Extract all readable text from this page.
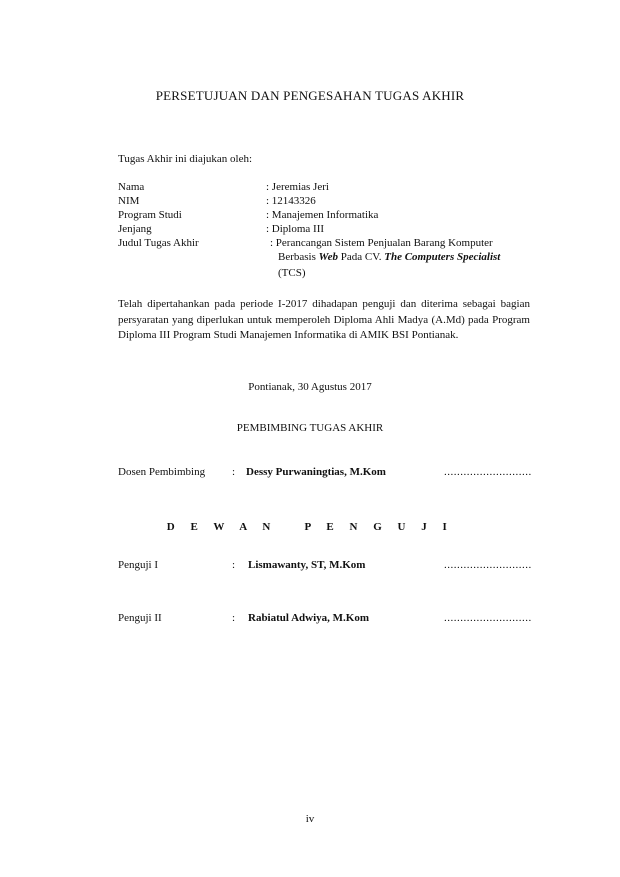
PERSETUJUAN DAN PENGESAHAN TUGAS AKHIR
Tugas Akhir ini diajukan oleh:
Nama	: Jeremias Jeri
NIM	: 12143326
Program Studi	: Manajemen Informatika
Jenjang	: Diploma III
Judul Tugas Akhir	: Perancangan Sistem Penjualan Barang Komputer
Berbasis Web Pada CV. The Computers Specialist
(TCS)
Telah dipertahankan pada periode I-2017 dihadapan penguji dan diterima sebagai bagian persyaratan yang diperlukan untuk memperoleh Diploma Ahli Madya (A.Md) pada Program Diploma III Program Studi Manajemen Informatika di AMIK BSI Pontianak.
Pontianak, 30 Agustus 2017
PEMBIMBING TUGAS AKHIR
Dosen Pembimbing : Dessy Purwaningtias, M.Kom	...........................
D E W A N   P E N G U J I
Penguji I	: Lismawanty, ST, M.Kom	...........................
Penguji II	: Rabiatul Adwiya, M.Kom	...........................
iv
